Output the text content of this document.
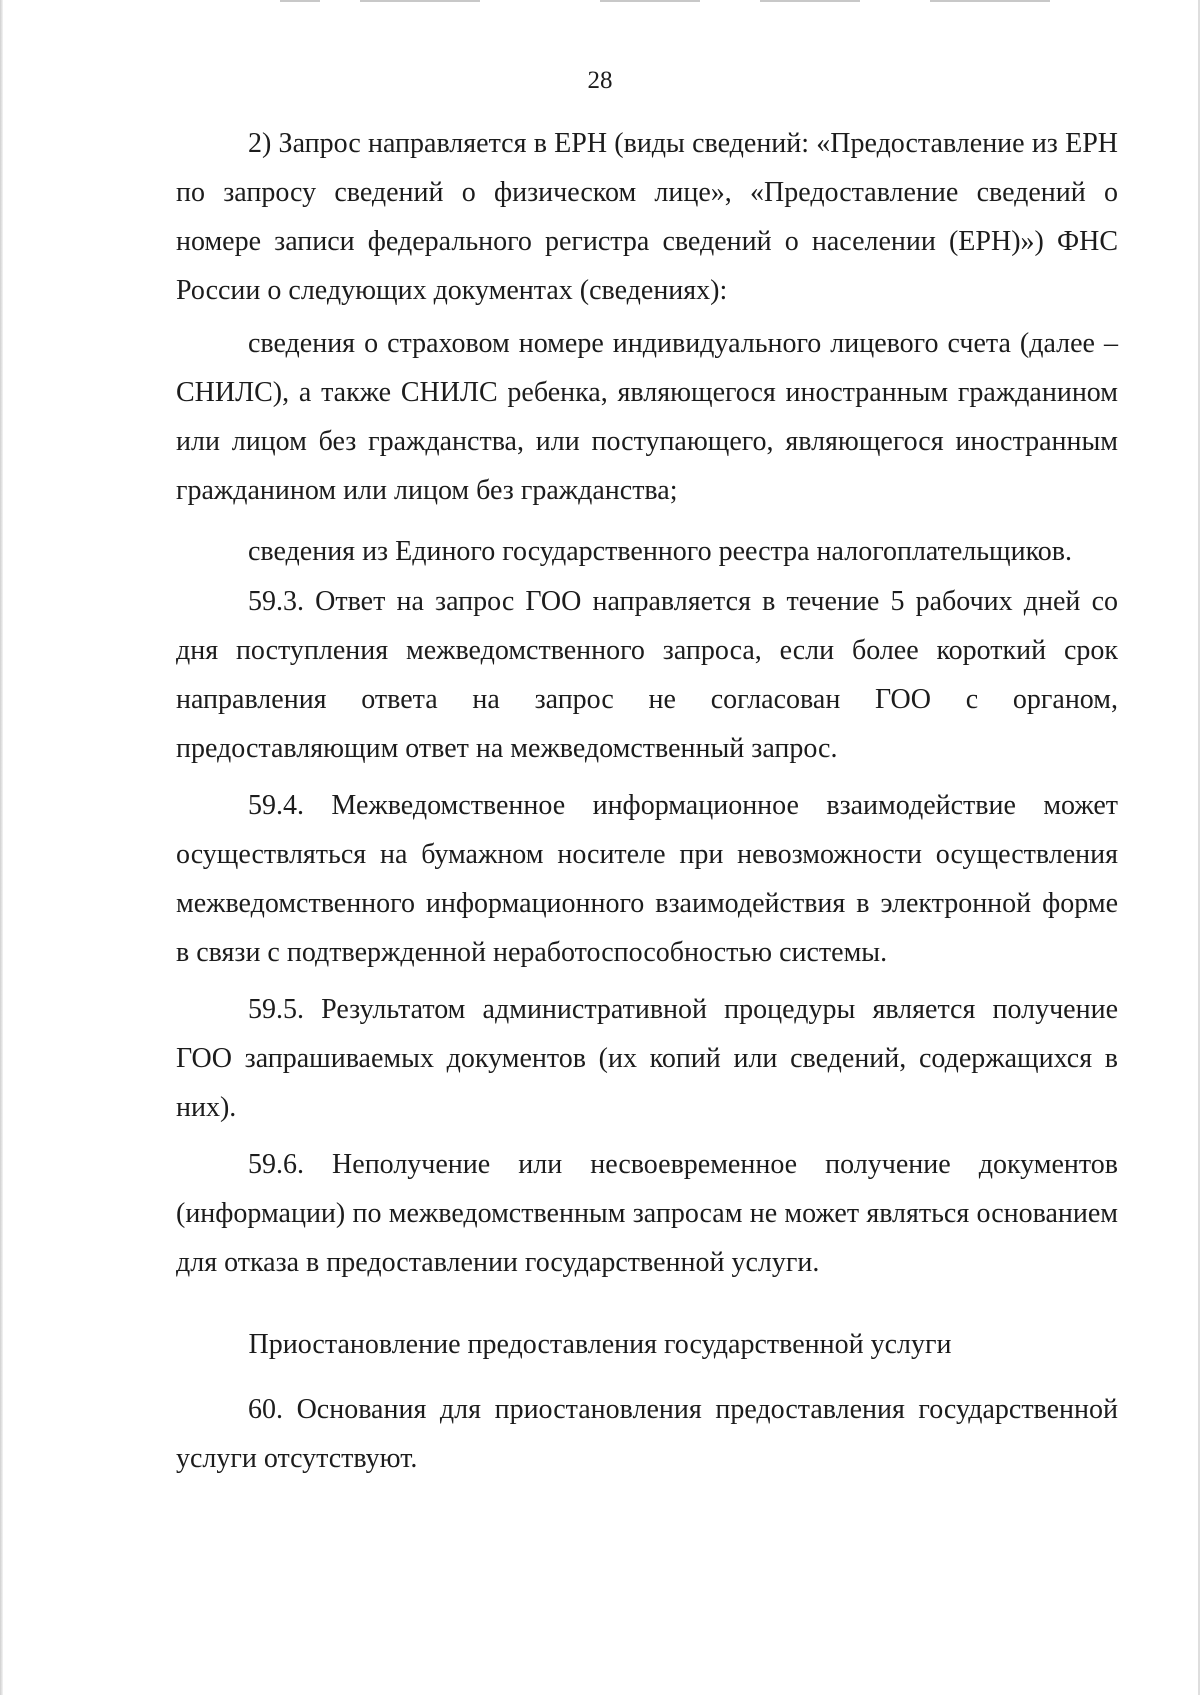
28

2) Запрос направляется в ЕРН (виды сведений: «Предоставление из ЕРН по запросу сведений о физическом лице», «Предоставление сведений о номере записи федерального регистра сведений о населении (ЕРН)») ФНС России о следующих документах (сведениях):

сведения о страховом номере индивидуального лицевого счета (далее – СНИЛС), а также СНИЛС ребенка, являющегося иностранным гражданином или лицом без гражданства, или поступающего, являющегося иностранным гражданином или лицом без гражданства;

сведения из Единого государственного реестра налогоплательщиков.

59.3. Ответ на запрос ГОО направляется в течение 5 рабочих дней со дня поступления межведомственного запроса, если более короткий срок направления ответа на запрос не согласован ГОО с органом, предоставляющим ответ на межведомственный запрос.

59.4. Межведомственное информационное взаимодействие может осуществляться на бумажном носителе при невозможности осуществления межведомственного информационного взаимодействия в электронной форме в связи с подтвержденной неработоспособностью системы.

59.5. Результатом административной процедуры является получение ГОО запрашиваемых документов (их копий или сведений, содержащихся в них).

59.6. Неполучение или несвоевременное получение документов (информации) по межведомственным запросам не может являться основанием для отказа в предоставлении государственной услуги.

Приостановление предоставления государственной услуги

60. Основания для приостановления предоставления государственной услуги отсутствуют.
